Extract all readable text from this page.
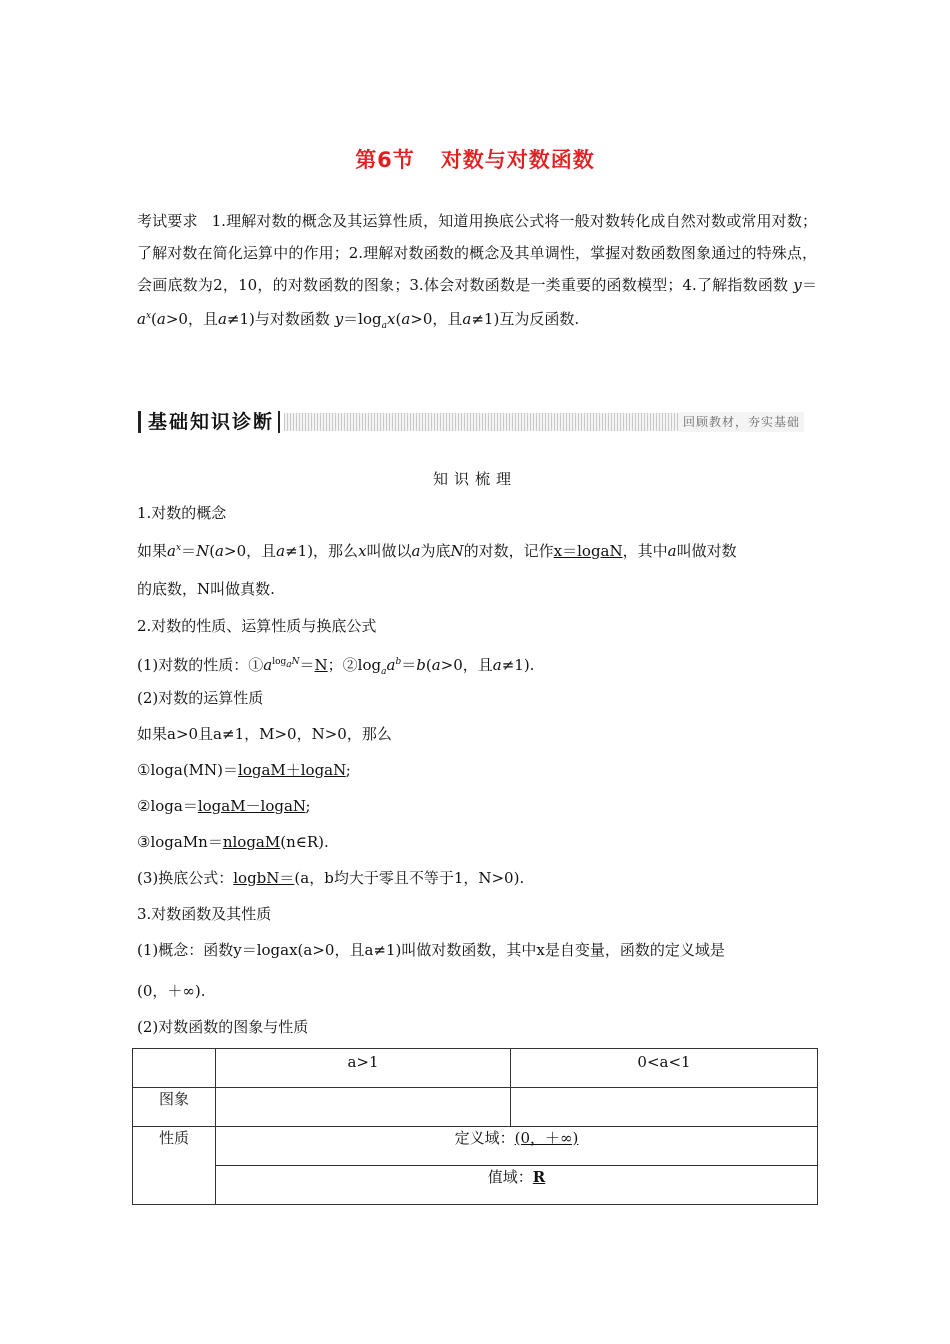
第6节 对数与对数函数
考试要求 1.理解对数的概念及其运算性质，知道用换底公式将一般对数转化成自然对数或常用对数；了解对数在简化运算中的作用；2.理解对数函数的概念及其单调性，掌握对数函数图象通过的特殊点，会画底数为2，10，的对数函数的图象；3.体会对数函数是一类重要的函数模型；4.了解指数函数 $y=a^x(a>0$，且a≠1)与对数函数 $y=\log_ax(a>0$，且a≠1)互为反函数.
基础知识诊断	回顾教材，夯实基础
知识梳理
1.对数的概念
如果$a^x=N(a>0$，且a≠1)，那么x叫做以a为底N的对数，记作x＝logaN，其中a叫做对数
的底数，N叫做真数.
2.对数的性质、运算性质与换底公式
(1)对数的性质：$①a^{log_aN}=N$；$②\log_aa^b=b(a>0$，且a≠1).
(2)对数的运算性质
如果a>0且a≠1，M>0，N>0，那么
①loga(MN)＝logaM＋logaN;
②loga＝logaM－logaN;
③logaMn＝nlogaM(n∈R).
(3)换底公式：logbN＝(a，b均大于零且不等于1，N>0).
3.对数函数及其性质
(1)概念：函数y＝logax(a>0，且a≠1)叫做对数函数，其中x是自变量，函数的定义域是
(0，＋∞).
(2)对数函数的图象与性质
	a>1	0<a<1
图象		
性质	定义域：(0，＋∞)	
	值域：R	
